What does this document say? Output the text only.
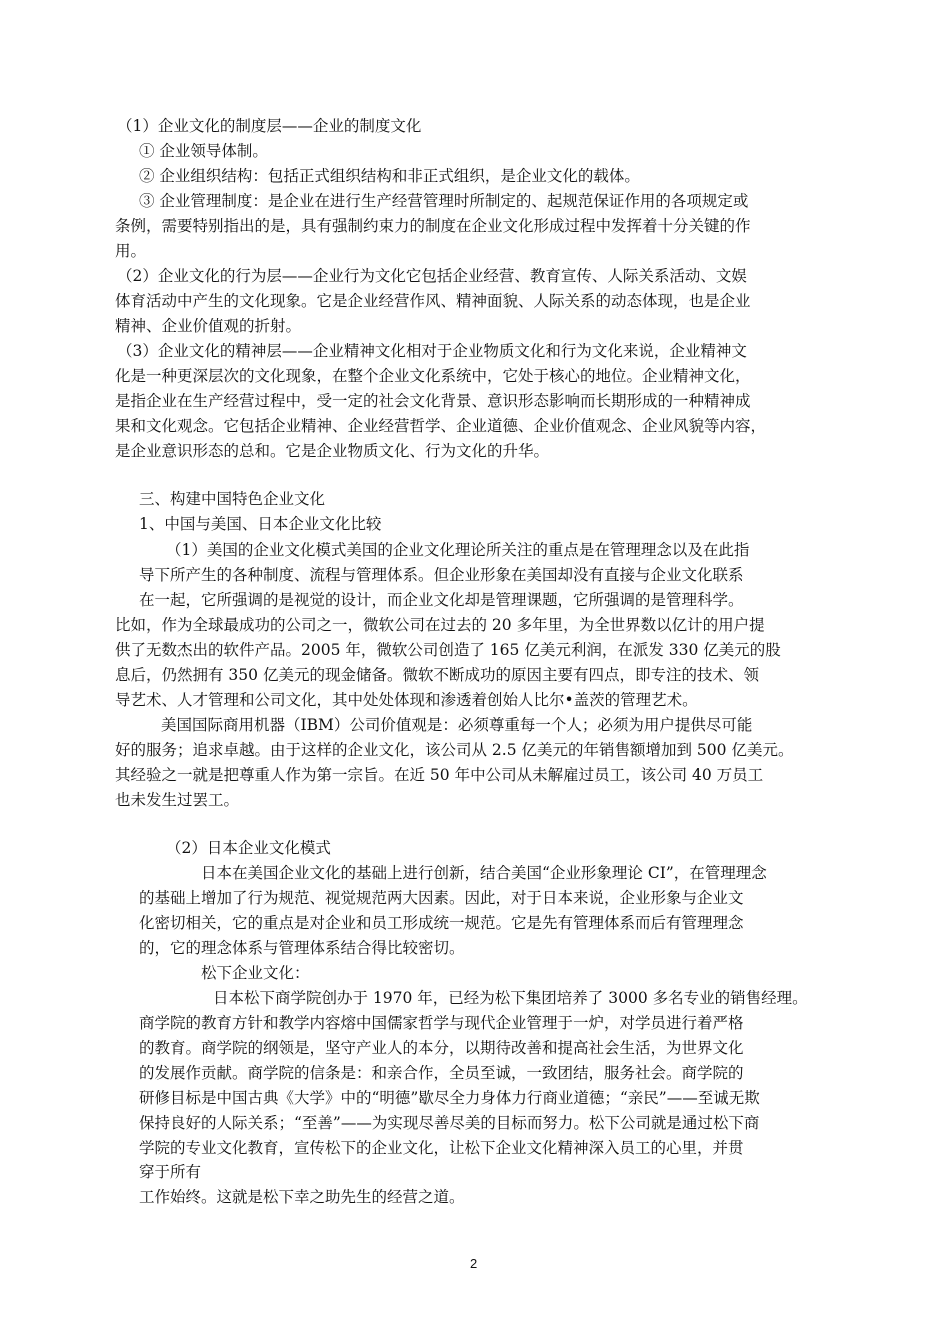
（1）企业文化的制度层——企业的制度文化
① 企业领导体制。
② 企业组织结构：包括正式组织结构和非正式组织，是企业文化的载体。
③ 企业管理制度：是企业在进行生产经营管理时所制定的、起规范保证作用的各项规定或
条例，需要特别指出的是，具有强制约束力的制度在企业文化形成过程中发挥着十分关键的作
用。
（2）企业文化的行为层——企业行为文化它包括企业经营、教育宣传、人际关系活动、文娱
体育活动中产生的文化现象。它是企业经营作风、精神面貌、人际关系的动态体现，也是企业
精神、企业价值观的折射。
（3）企业文化的精神层——企业精神文化相对于企业物质文化和行为文化来说，企业精神文
化是一种更深层次的文化现象，在整个企业文化系统中，它处于核心的地位。企业精神文化，
是指企业在生产经营过程中，受一定的社会文化背景、意识形态影响而长期形成的一种精神成
果和文化观念。它包括企业精神、企业经营哲学、企业道德、企业价值观念、企业风貌等内容，
是企业意识形态的总和。它是企业物质文化、行为文化的升华。
三、构建中国特色企业文化
1、中国与美国、日本企业文化比较
（1）美国的企业文化模式美国的企业文化理论所关注的重点是在管理理念以及在此指
导下所产生的各种制度、流程与管理体系。但企业形象在美国却没有直接与企业文化联系
在一起，它所强调的是视觉的设计，而企业文化却是管理课题，它所强调的是管理科学。
比如，作为全球最成功的公司之一，微软公司在过去的 20 多年里，为全世界数以亿计的用户提
供了无数杰出的软件产品。2005 年，微软公司创造了 165 亿美元利润，在派发 330 亿美元的股
息后，仍然拥有 350 亿美元的现金储备。微软不断成功的原因主要有四点，即专注的技术、领
导艺术、人才管理和公司文化，其中处处体现和渗透着创始人比尔•盖茨的管理艺术。
美国国际商用机器（IBM）公司价值观是：必须尊重每一个人；必须为用户提供尽可能
好的服务；追求卓越。由于这样的企业文化，该公司从 2.5 亿美元的年销售额增加到 500 亿美元。
其经验之一就是把尊重人作为第一宗旨。在近 50 年中公司从未解雇过员工，该公司 40 万员工
也未发生过罢工。
（2）日本企业文化模式
日本在美国企业文化的基础上进行创新，结合美国“企业形象理论 CI”，在管理理念
的基础上增加了行为规范、视觉规范两大因素。因此，对于日本来说，企业形象与企业文
化密切相关，它的重点是对企业和员工形成统一规范。它是先有管理体系而后有管理理念
的，它的理念体系与管理体系结合得比较密切。
松下企业文化：
日本松下商学院创办于 1970 年，已经为松下集团培养了 3000 多名专业的销售经理。
商学院的教育方针和教学内容熔中国儒家哲学与现代企业管理于一炉，对学员进行着严格
的教育。商学院的纲领是，坚守产业人的本分，以期待改善和提高社会生活，为世界文化
的发展作贡献。商学院的信条是：和亲合作，全员至诚，一致团结，服务社会。商学院的
研修目标是中国古典《大学》中的“明德”歇尽全力身体力行商业道德；“亲民”——至诚无欺
保持良好的人际关系；“至善”——为实现尽善尽美的目标而努力。松下公司就是通过松下商
学院的专业文化教育，宣传松下的企业文化，让松下企业文化精神深入员工的心里，并贯
穿于所有
工作始终。这就是松下幸之助先生的经营之道。
2
